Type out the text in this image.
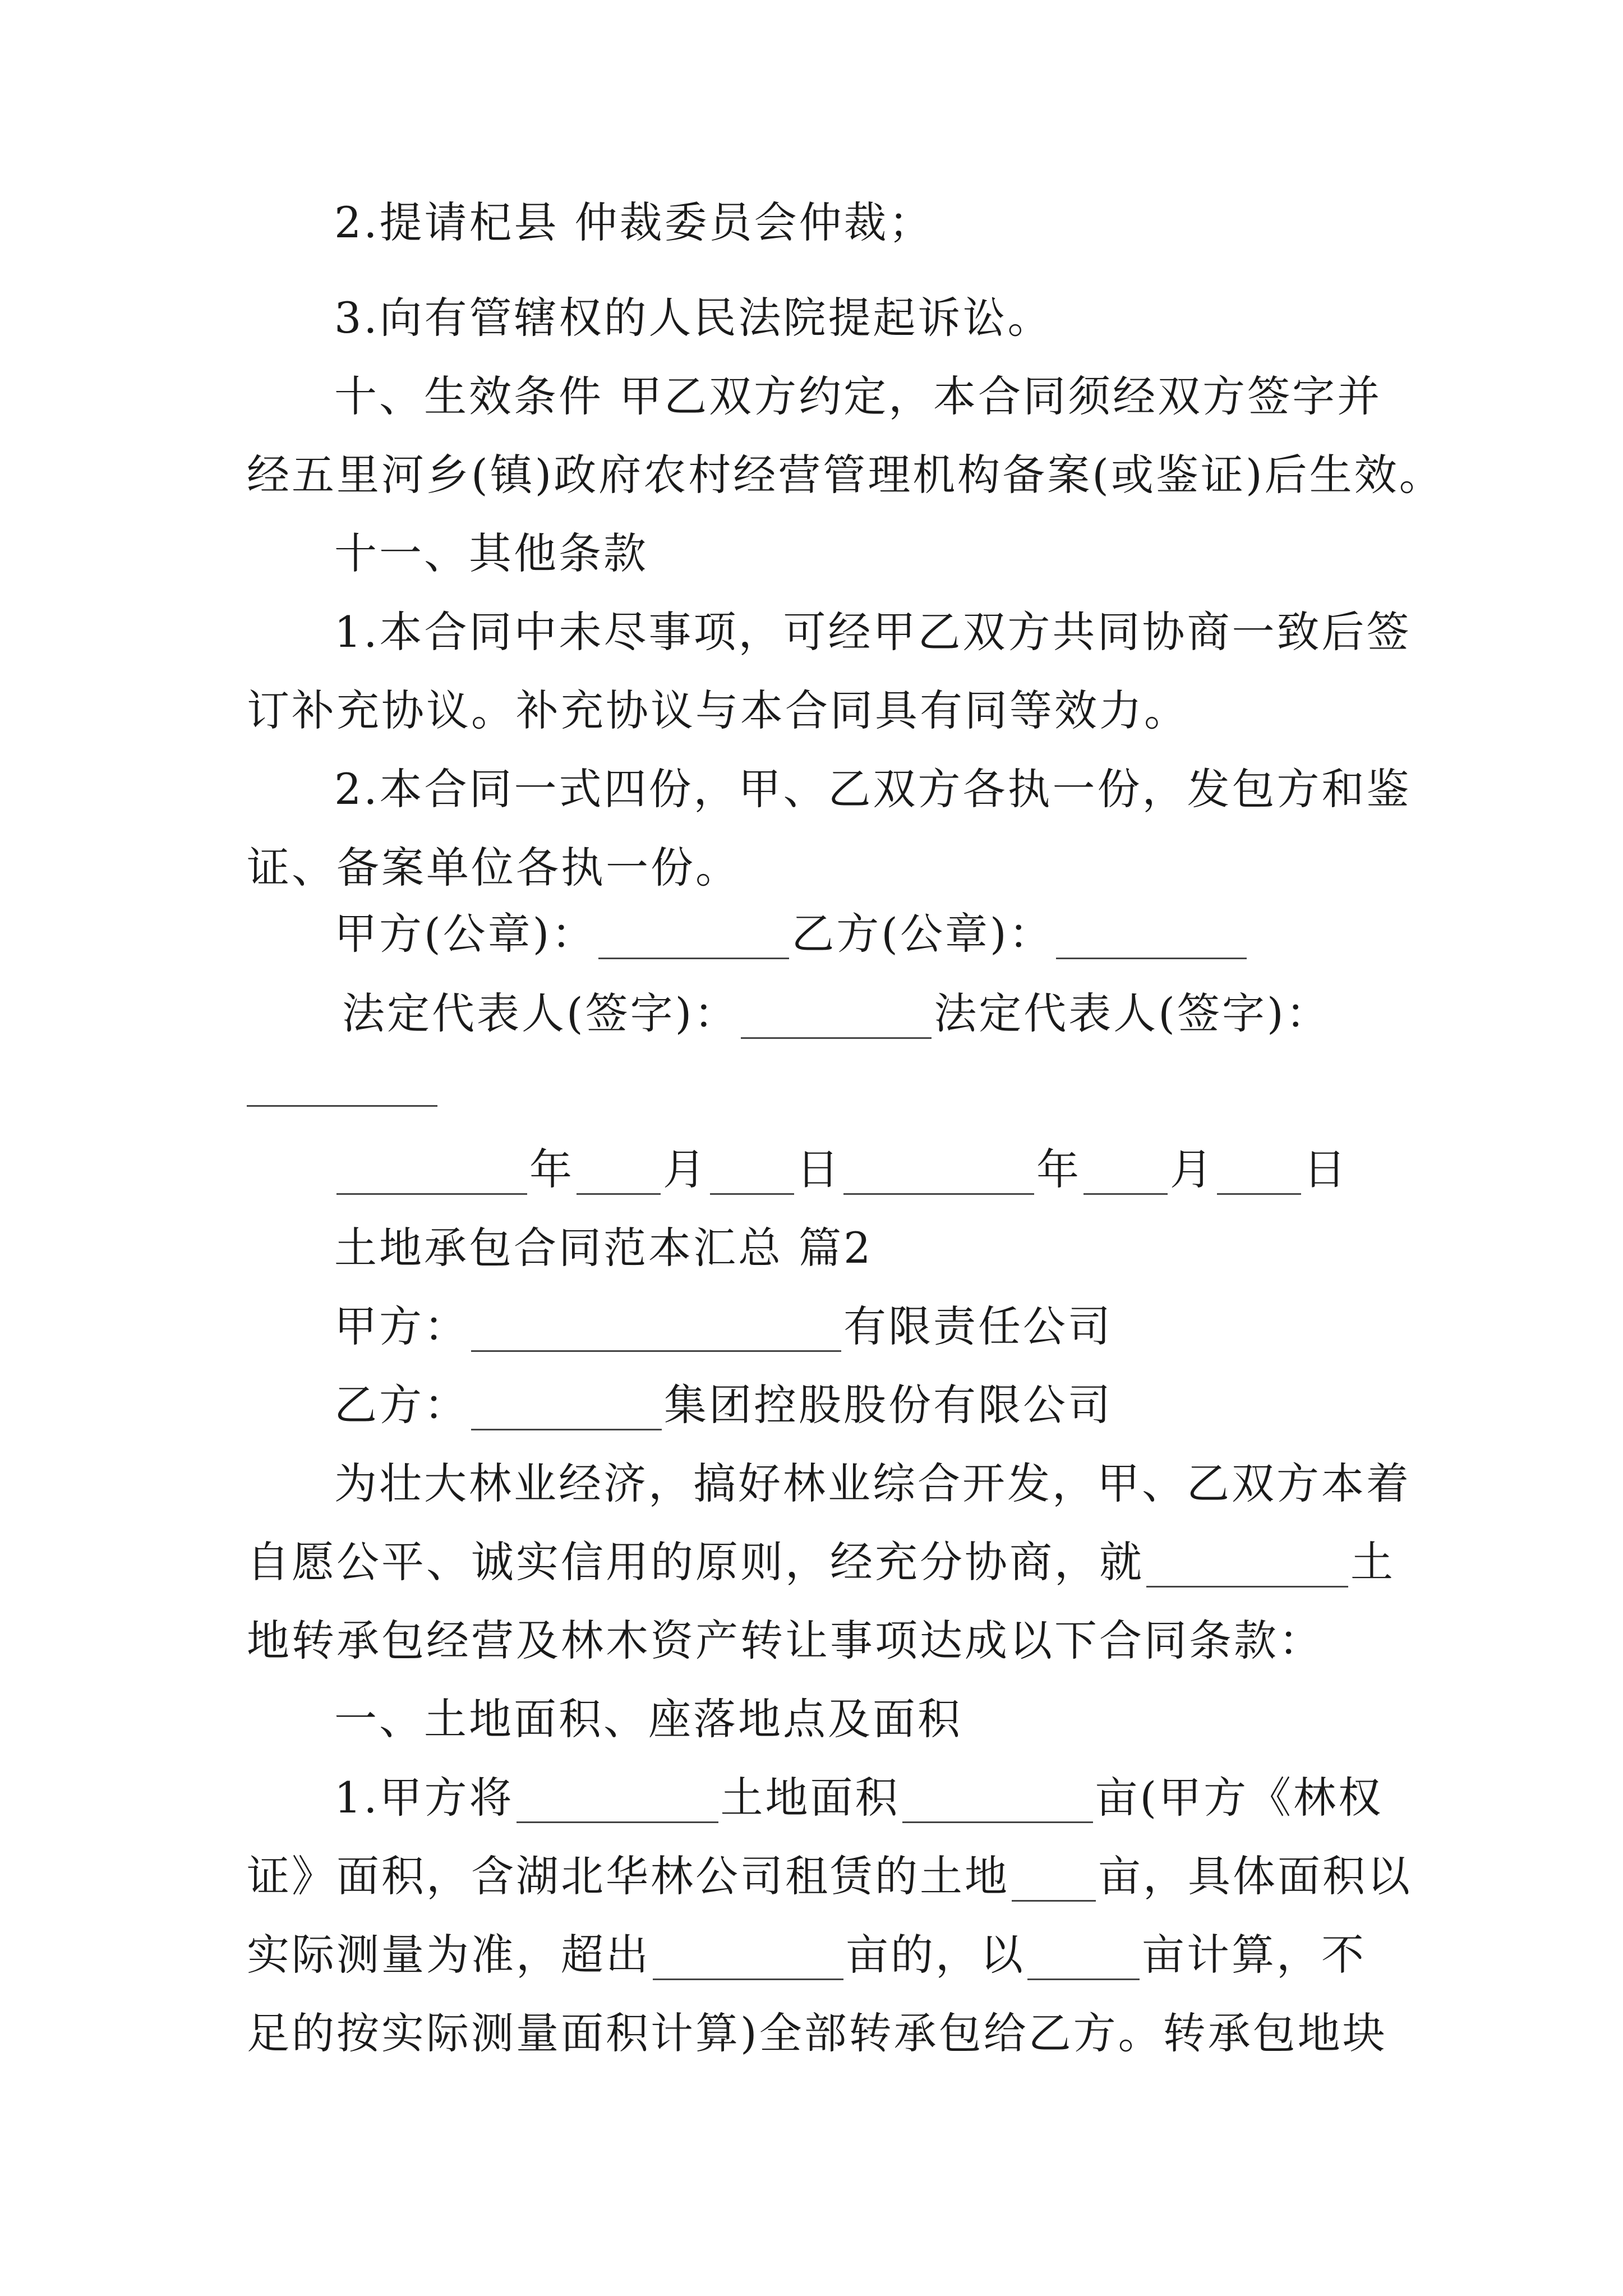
2.提请杞县 仲裁委员会仲裁；
3.向有管辖权的人民法院提起诉讼。
十、生效条件 甲乙双方约定，本合同须经双方签字并
经五里河乡(镇)政府农村经营管理机构备案(或鉴证)后生效。
十一、其他条款
1.本合同中未尽事项，可经甲乙双方共同协商一致后签
订补充协议。补充协议与本合同具有同等效力。
2.本合同一式四份，甲、乙双方各执一份，发包方和鉴
证、备案单位各执一份。
甲方(公章)：	乙方(公章)：
法定代表人(签字)：	法定代表人(签字)：
年 月 日	年 月 日
土地承包合同范本汇总 篇2
甲方：	有限责任公司
乙方：	集团控股股份有限公司
为壮大林业经济，搞好林业综合开发，甲、乙双方本着
自愿公平、诚实信用的原则，经充分协商，就	土
地转承包经营及林木资产转让事项达成以下合同条款：
一、土地面积、座落地点及面积
1.甲方将	土地面积	亩(甲方《林权
证》面积，含湖北华林公司租赁的土地 亩，具体面积以
实际测量为准，超出	亩的，以	亩计算，不
足的按实际测量面积计算)全部转承包给乙方。转承包地块
